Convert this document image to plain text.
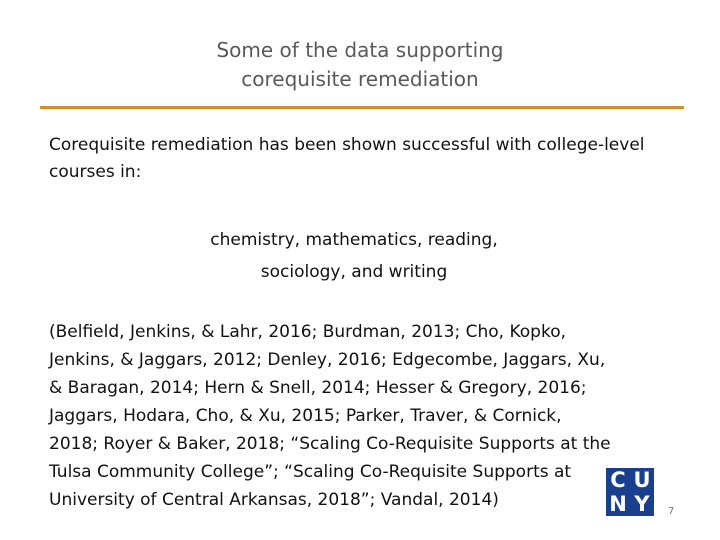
Some of the data supporting
corequisite remediation

Corequisite remediation has been shown successful with college-level courses in:

chemistry, mathematics, reading,
sociology, and writing
(Belfield, Jenkins, & Lahr, 2016; Burdman, 2013; Cho, Kopko,
Jenkins, & Jaggars, 2012; Denley, 2016; Edgecombe, Jaggars, Xu,
& Baragan, 2014; Hern & Snell, 2014; Hesser & Gregory, 2016;
Jaggars, Hodara, Cho, & Xu, 2015; Parker, Traver, & Cornick,
2018; Royer & Baker, 2018; “Scaling Co-Requisite Supports at the
Tulsa Community College”; “Scaling Co-Requisite Supports at
University of Central Arkansas, 2018”; Vandal, 2014)
C U
N Y	7
